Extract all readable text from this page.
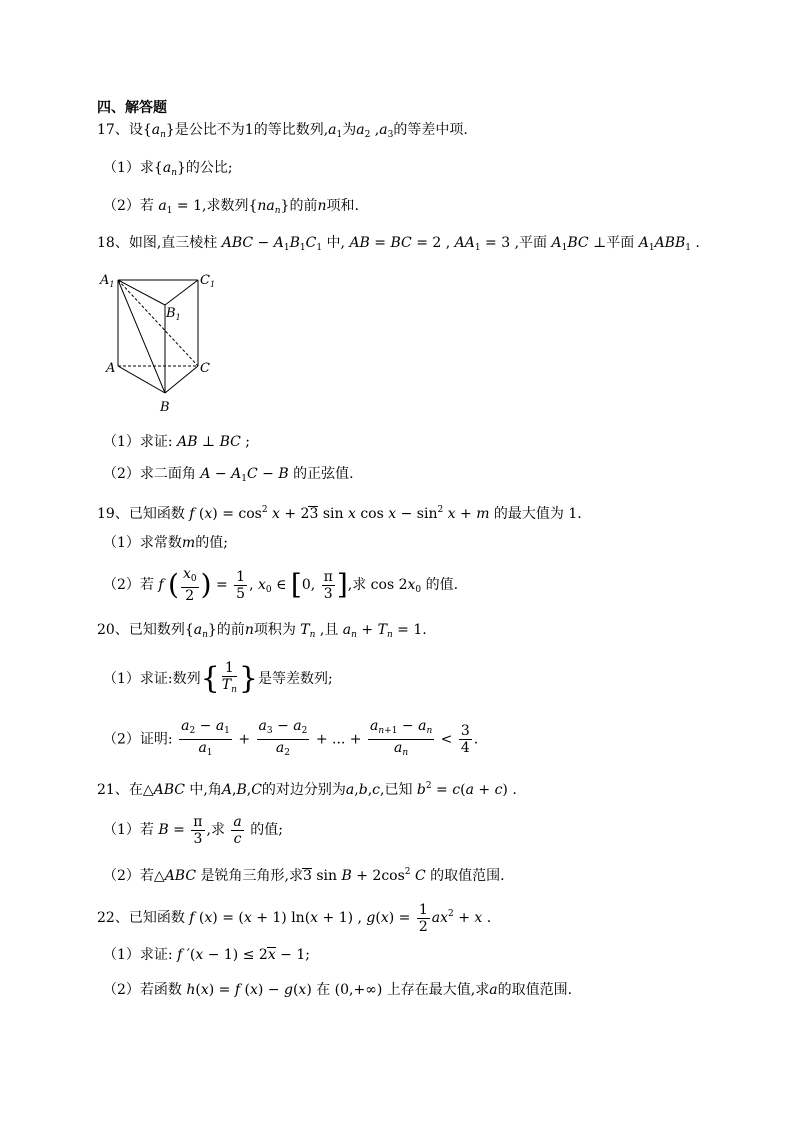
四、解答题
17、设$\{a_n\}$是公比不为1的等比数列$,a_1$为$a_2$ $,a_3$的等差中项.
（1）求$\{a_n\}$的公比;
（2）若 $a_1 = 1$,求数列$\{na_n\}$的前n项和.
18、如图,直三棱柱 ABC − $A_1B_1C_1$ 中, AB = BC = 2 , $AA_1 = 3$ ,平面 $A_1BC$ ⊥平面 $A_1ABB_1$ .
$A_1$	$C_1$
$B_1$
A	C
B
（1）求证: AB ⊥ BC ;
（2）求二面角 $A - A_1C - B$ 的正弦值.
19、已知函数 f $(x) = \cos^2 x + 23$ sin x $\cos x - \sin^2 x + m$ 的最大值为 1.
（1）求常数m的值;
（2）若 f ( $\frac{x_0}{2}$ ) = $\frac{1}{5}$ , $x_0$ ∈ [0, $\frac{\pi}{3}$ ],求 $\cos 2x_0$ 的值.
20、已知数列$\{a_n\}$的前n项积为 $T_n$ ,且 $a_n + T_n = 1$.
（1）求证:数列{ $\frac{1}{T_n}$ }是等差数列;
（2）证明: $\frac{a_2 - a_1}{a_1} + \frac{a_3 - a_2}{a_2}$ + ... + $\frac{a_{n+1} - a_n}{a_n} < \frac{3}{4}$ .
21、在△ABC 中,角A,B,C的对边分别为a,b,c,已知 $b^2 = c(a + c)$ .
（1）若 $B = \frac{\pi}{3}$ ,求 $\frac{a}{c}$ 的值;
（2）若△ABC 是锐角三角形,求3 $\sin B + 2\cos^2$ C 的取值范围.
22、已知函数 f (x) = (x + 1) ln(x + 1) , $g(x) = \frac{1}{2} ax^2 + x$ .
（1）求证: f ′(x − 1) ≤ 2x − 1;
（2）若函数 h(x) = f (x) − g(x) 在 (0,+∞) 上存在最大值,求a的取值范围.
